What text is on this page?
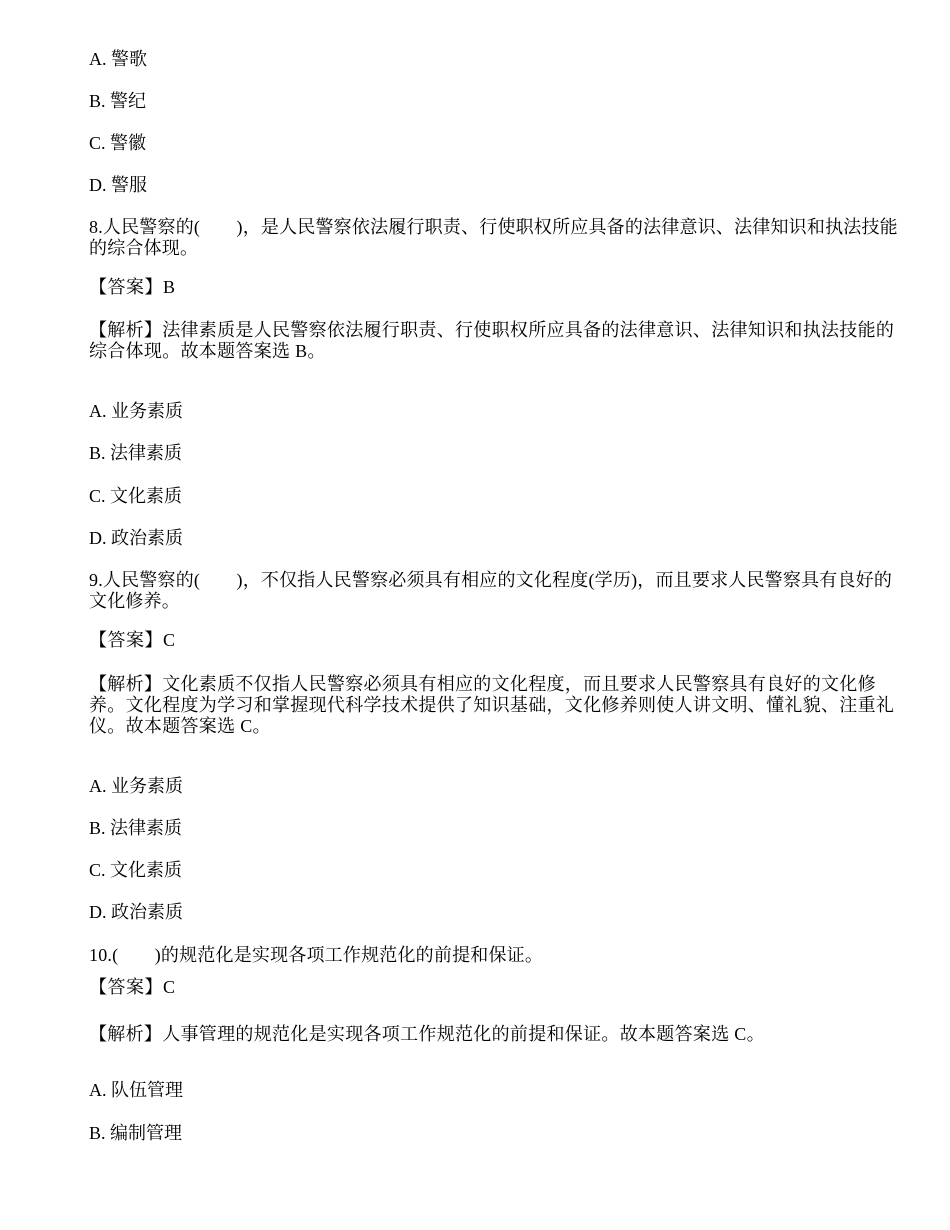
A. 警歌
B. 警纪
C. 警徽
D. 警服
8.人民警察的(　　)，是人民警察依法履行职责、行使职权所应具备的法律意识、法律知识和执法技能的综合体现。
【答案】B
【解析】法律素质是人民警察依法履行职责、行使职权所应具备的法律意识、法律知识和执法技能的综合体现。故本题答案选 B。
A. 业务素质
B. 法律素质
C. 文化素质
D. 政治素质
9.人民警察的(　　)，不仅指人民警察必须具有相应的文化程度(学历)，而且要求人民警察具有良好的文化修养。
【答案】C
【解析】文化素质不仅指人民警察必须具有相应的文化程度，而且要求人民警察具有良好的文化修养。文化程度为学习和掌握现代科学技术提供了知识基础，文化修养则使人讲文明、懂礼貌、注重礼仪。故本题答案选 C。
A. 业务素质
B. 法律素质
C. 文化素质
D. 政治素质
10.(　　)的规范化是实现各项工作规范化的前提和保证。
【答案】C
【解析】人事管理的规范化是实现各项工作规范化的前提和保证。故本题答案选 C。
A. 队伍管理
B. 编制管理
